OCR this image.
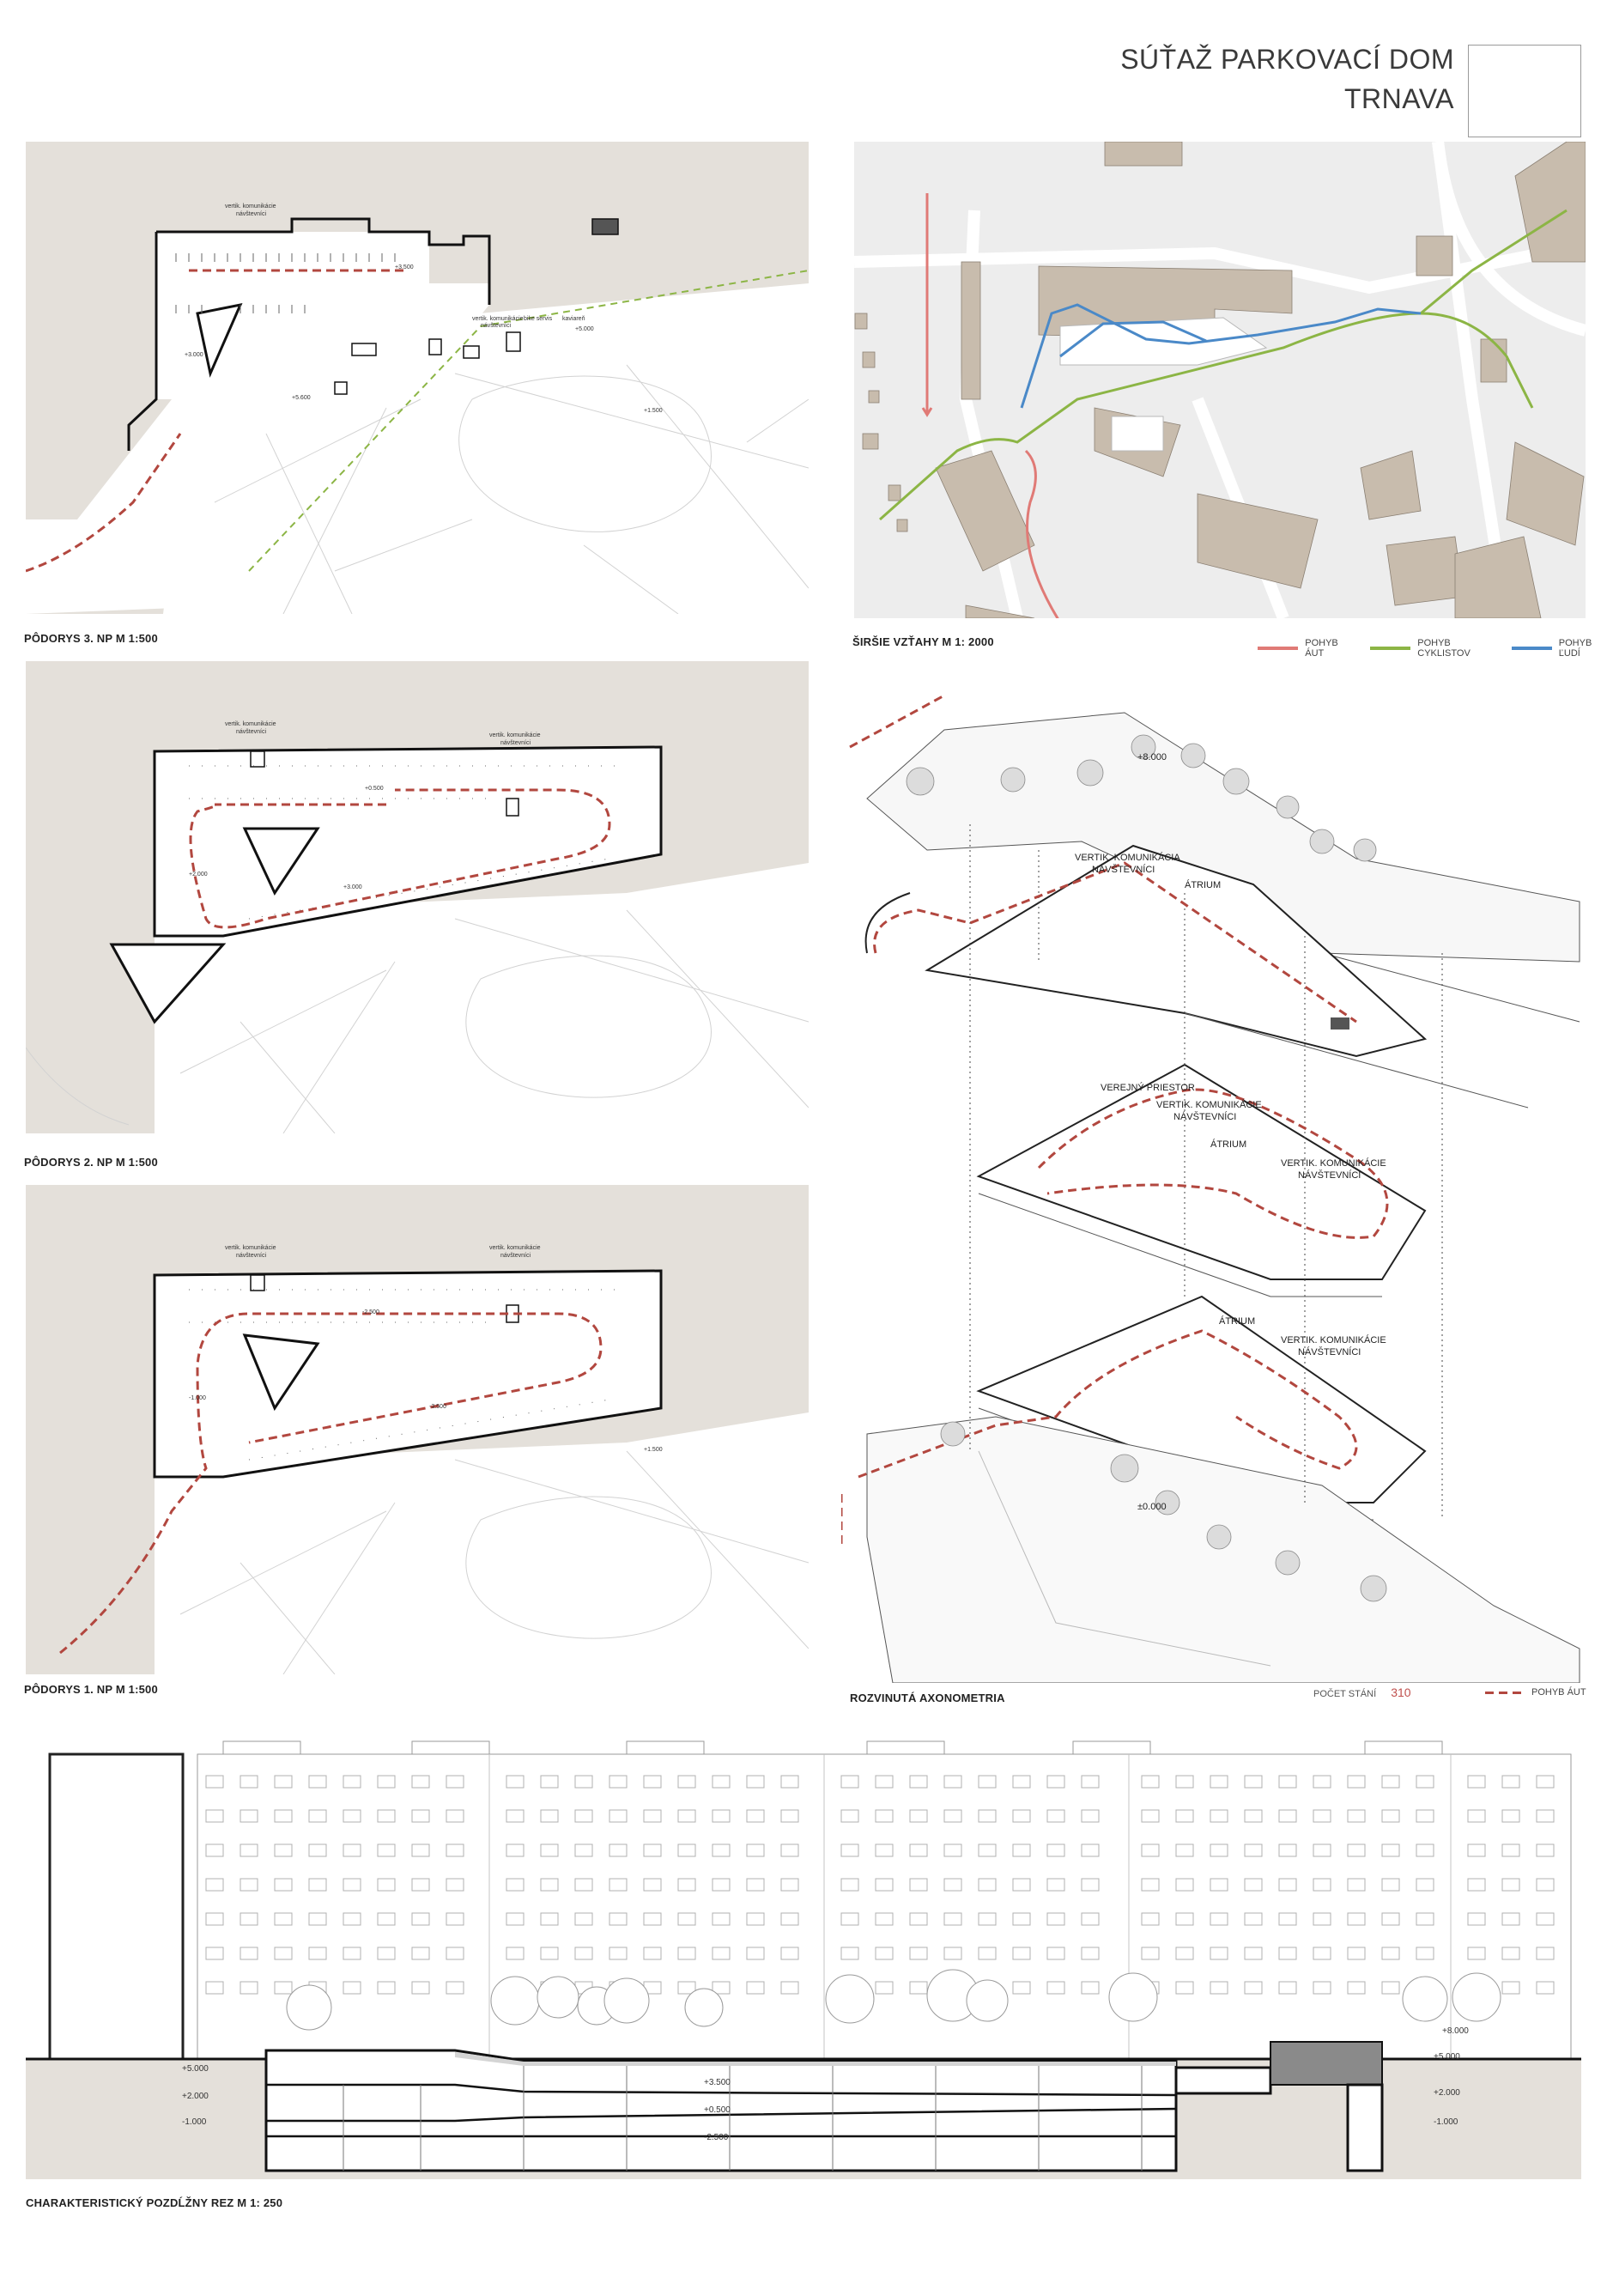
SÚŤAŽ PARKOVACÍ DOM
TRNAVA
+3.500
+3.000
+5.600
+5.000
+1.500
vertik. komunikácie
návštevníci
vertik. komunikácie
návštevníci
bike servis kaviareň
PÔDORYS 3. NP M 1:500	ŠIRŠIE VZŤAHY M 1: 2000	POHYB ÁUT
POHYB CYKLISTOV
POHYB ĽUDÍ
+0.500
+2.000
+3.000
vertik. komunikácie
návštevníci
vertik. komunikácie
návštevníci
PÔDORYS 2. NP M 1:500
-2.500
-1.000
-3.500
+1.500
vertik. komunikácie
návštevníci
vertik. komunikácie
návštevníci
PÔDORYS 1. NP M 1:500
+8.000
VERTIK. KOMUNIKÁCIA
NÁVŠTEVNÍCI
ÁTRIUM
VEREJNÝ PRIESTOR
VERTIK. KOMUNIKÁCIE
NÁVŠTEVNÍCI
ÁTRIUM
VERTIK. KOMUNIKÁCIE
NÁVŠTEVNÍCI
ÁTRIUM
VERTIK. KOMUNIKÁCIE
NÁVŠTEVNÍCI
±0.000
ROZVINUTÁ AXONOMETRIA	POČET STÁNÍ 310	POHYB ÁUT
+5.000
+2.000
-1.000
+3.500
+0.500
-2.500
+8.000
+5.000
+2.000
-1.000
CHARAKTERISTICKÝ POZDĹŽNY REZ M 1: 250
